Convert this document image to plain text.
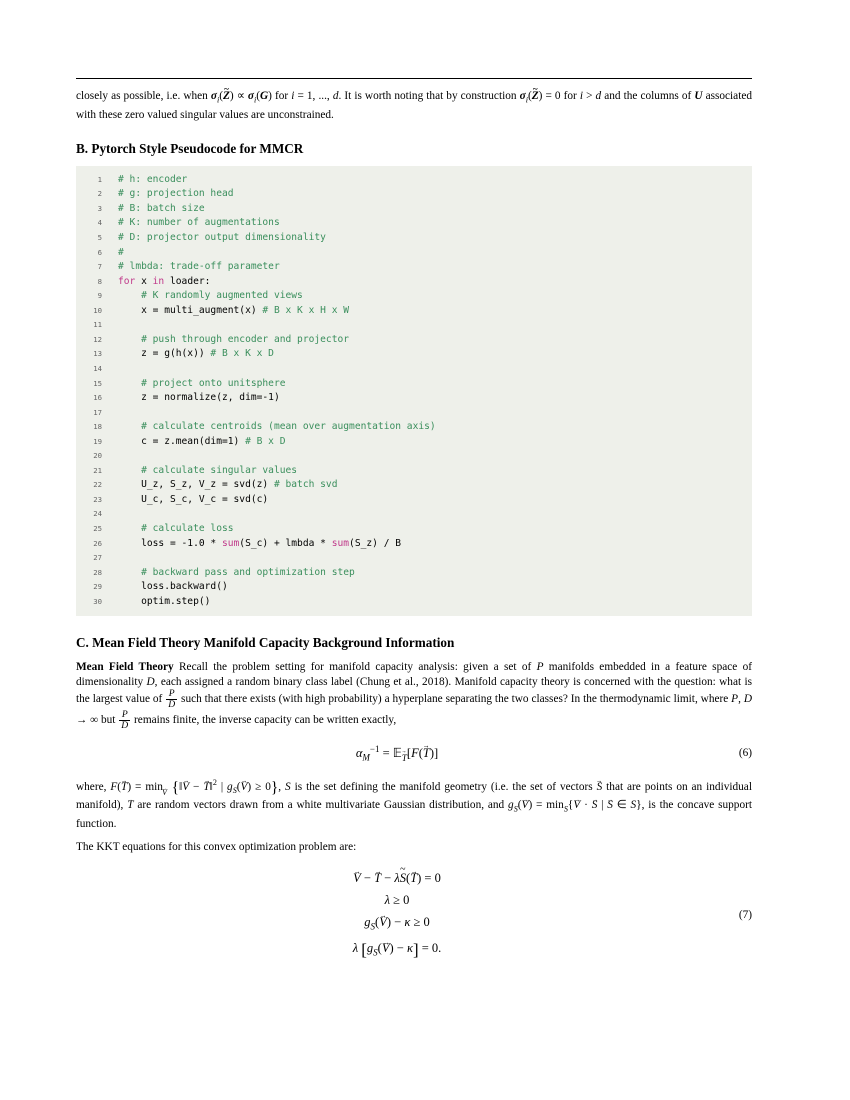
closely as possible, i.e. when $\sigma_i(Z$ ~) ∝ $\sigma_i(G)$ for i = 1, ..., d. It is worth noting that by construction $\sigma_i(Z$ ~) = 0 for i > d and the columns of U associated with these zero valued singular values are unconstrained.

B. Pytorch Style Pseudocode for MMCR
1	# h: encoder
2	# g: projection head
3	# B: batch size
4	# K: number of augmentations
5	# D: projector output dimensionality
6	#
7	# lmbda: trade-off parameter
8	for x in loader:
9	# K randomly augmented views
10	x = multi_augment(x) # B x K x H x W
11

12	# push through encoder and projector
13	z = g(h(x)) # B x K x D
14

15	# project onto unitsphere
16	z = normalize(z, dim=-1)
17

18	# calculate centroids (mean over augmentation axis)
19	c = z.mean(dim=1) # B x D
20

21	# calculate singular values
22	U_z, S_z, V_z = svd(z) # batch svd
23	U_c, S_c, V_c = svd(c)
24

25	# calculate loss
26	loss = -1.0 * sum(S_c) + lmbda * sum(S_z) / B
27

28	# backward pass and optimization step
29	loss.backward()
30	optim.step()
C. Mean Field Theory Manifold Capacity Background Information

Mean Field Theory Recall the problem setting for manifold capacity analysis: given a set of P manifolds embedded in a feature space of dimensionality D, each assigned a random binary class label (Chung et al., 2018). Manifold capacity theory is concerned with the question: what is the largest value of $\frac{P}{D}$ such that there exists (with high probability) a hyperplane separating the two classes? In the thermodynamic limit, where P, D → ∞ but $\frac{P}{D}$ remains finite, the inverse capacity can be written exactly,

$\alpha_M^{-1}$ = 𝔼$_T$ →[F(T →)]	(6)

where, F(T →) = minV → {‖V → − T →‖$^2$ | $g_S(V$ →) ≥ 0}, S is the set defining the manifold geometry (i.e. the set of vectors S → that are points on an individual manifold), T → are random vectors drawn from a white multivariate Gaussian distribution, and $g_S(V$ →) = $\min_S\{V$ → · S → | S → ∈ S}, is the concave support function.

The KKT equations for this convex optimization problem are:

V → − T → − λS ~(T →) = 0
λ ≥ 0
$g_S(V$ →) − κ ≥ 0
λ [$g_S(V$ →) − κ] = 0.
(7)
